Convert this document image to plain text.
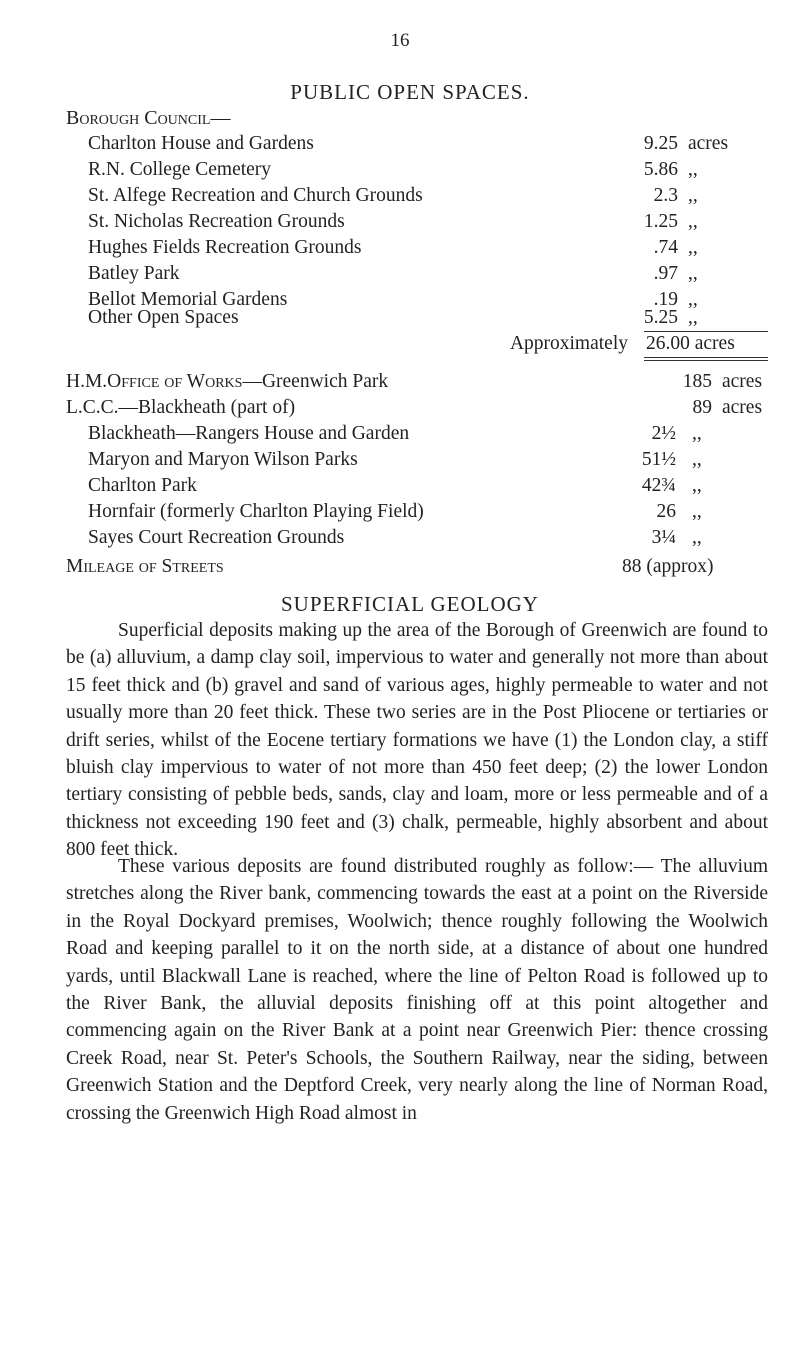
16
PUBLIC OPEN SPACES.
Borough Council—
Charlton House and Gardens	9.25 acres
R.N. College Cemetery	5.86 ,,
St. Alfege Recreation and Church Grounds	2.3 ,,
St. Nicholas Recreation Grounds	1.25 ,,
Hughes Fields Recreation Grounds	.74 ,,
Batley Park	.97 ,,
Bellot Memorial Gardens	.19 ,,
Other Open Spaces	5.25 ,,
Approximately 26.00 acres
H.M.Office of Works—Greenwich Park	185 acres
L.C.C.—Blackheath (part of)	89 acres
Blackheath—Rangers House and Garden	2½ ,,
Maryon and Maryon Wilson Parks	51½ ,,
Charlton Park	42¾ ,,
Hornfair (formerly Charlton Playing Field)	26 ,,
Sayes Court Recreation Grounds	3¼ ,,
Mileage of Streets	88 (approx)
SUPERFICIAL GEOLOGY

Superficial deposits making up the area of the Borough of Greenwich are found to be (a) alluvium, a damp clay soil, impervious to water and generally not more than about 15 feet thick and (b) gravel and sand of various ages, highly permeable to water and not usually more than 20 feet thick. These two series are in the Post Pliocene or tertiaries or drift series, whilst of the Eocene tertiary formations we have (1) the London clay, a stiff bluish clay impervious to water of not more than 450 feet deep; (2) the lower London tertiary consisting of pebble beds, sands, clay and loam, more or less permeable and of a thickness not exceeding 190 feet and (3) chalk, permeable, highly absorbent and about 800 feet thick.

These various deposits are found distributed roughly as follow:— The alluvium stretches along the River bank, commencing towards the east at a point on the Riverside in the Royal Dockyard premises, Woolwich; thence roughly following the Woolwich Road and keeping parallel to it on the north side, at a distance of about one hundred yards, until Blackwall Lane is reached, where the line of Pelton Road is followed up to the River Bank, the alluvial deposits finishing off at this point altogether and commencing again on the River Bank at a point near Greenwich Pier: thence crossing Creek Road, near St. Peter's Schools, the Southern Railway, near the siding, between Greenwich Station and the Deptford Creek, very nearly along the line of Norman Road, crossing the Greenwich High Road almost in
